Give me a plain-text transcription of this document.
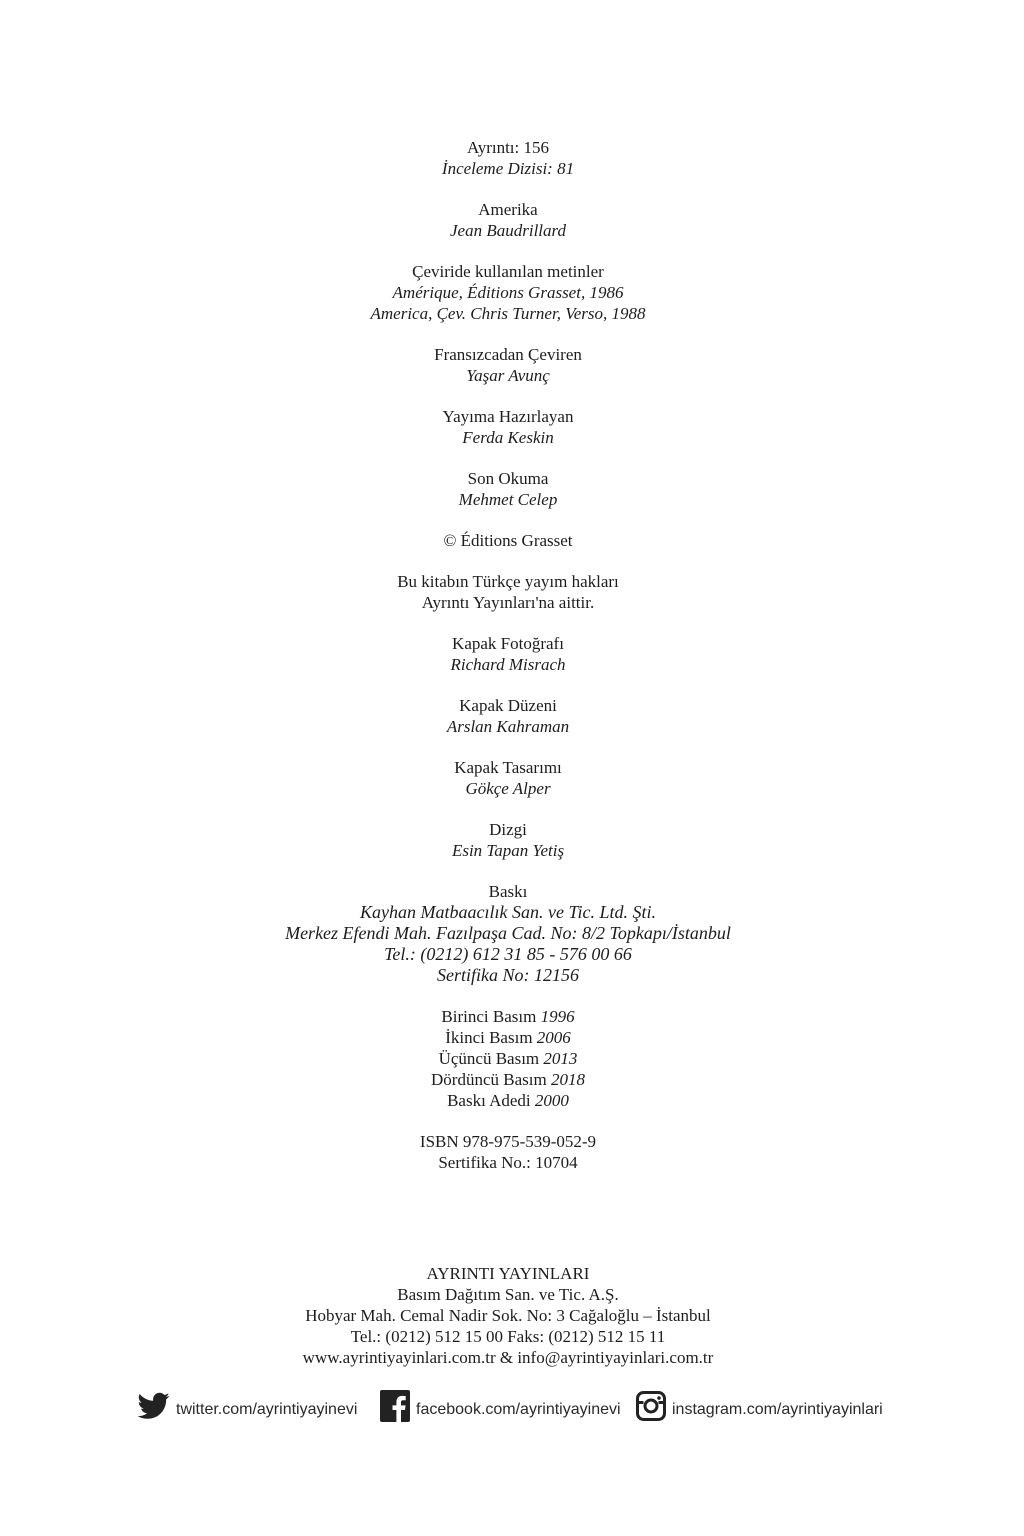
Ayrıntı: 156
İnceleme Dizisi: 81
Amerika
Jean Baudrillard
Çeviride kullanılan metinler
Amérique, Éditions Grasset, 1986
America, Çev. Chris Turner, Verso, 1988
Fransızcadan Çeviren
Yaşar Avunç
Yayıma Hazırlayan
Ferda Keskin
Son Okuma
Mehmet Celep
© Éditions Grasset
Bu kitabın Türkçe yayım hakları
Ayrıntı Yayınları'na aittir.
Kapak Fotoğrafı
Richard Misrach
Kapak Düzeni
Arslan Kahraman
Kapak Tasarımı
Gökçe Alper
Dizgi
Esin Tapan Yetiş
Baskı
Kayhan Matbaacılık San. ve Tic. Ltd. Şti.
Merkez Efendi Mah. Fazılpaşa Cad. No: 8/2 Topkapı/İstanbul
Tel.: (0212) 612 31 85 - 576 00 66
Sertifika No: 12156
Birinci Basım 1996
İkinci Basım 2006
Üçüncü Basım 2013
Dördüncü Basım 2018
Baskı Adedi 2000
ISBN 978-975-539-052-9
Sertifika No.: 10704
AYRINTI YAYINLARI
Basım Dağıtım San. ve Tic. A.Ş.
Hobyar Mah. Cemal Nadir Sok. No: 3 Cağaloğlu – İstanbul
Tel.: (0212) 512 15 00 Faks: (0212) 512 15 11
www.ayrintiyayinlari.com.tr & info@ayrintiyayinlari.com.tr
twitter.com/ayrintiyayinevi	facebook.com/ayrintiyayinevi	instagram.com/ayrintiyayinlari
